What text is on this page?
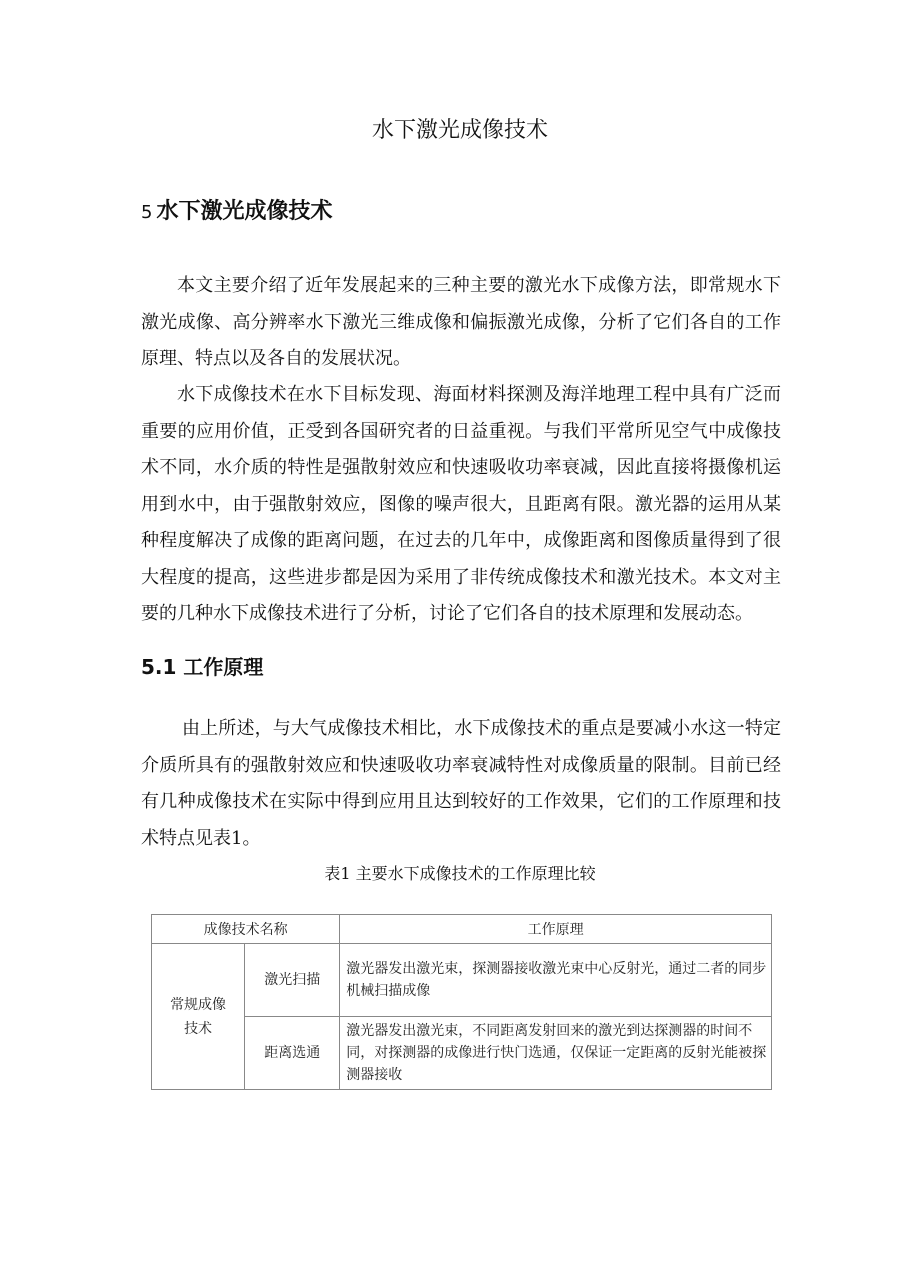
水下激光成像技术
5 水下激光成像技术

本文主要介绍了近年发展起来的三种主要的激光水下成像方法，即常规水下激光成像、高分辨率水下激光三维成像和偏振激光成像，分析了它们各自的工作原理、特点以及各自的发展状况。

水下成像技术在水下目标发现、海面材料探测及海洋地理工程中具有广泛而重要的应用价值，正受到各国研究者的日益重视。与我们平常所见空气中成像技术不同，水介质的特性是强散射效应和快速吸收功率衰减，因此直接将摄像机运用到水中，由于强散射效应，图像的噪声很大，且距离有限。激光器的运用从某种程度解决了成像的距离问题，在过去的几年中，成像距离和图像质量得到了很大程度的提高，这些进步都是因为采用了非传统成像技术和激光技术。本文对主要的几种水下成像技术进行了分析，讨论了它们各自的技术原理和发展动态。

5.1 工作原理

由上所述，与大气成像技术相比，水下成像技术的重点是要减小水这一特定介质所具有的强散射效应和快速吸收功率衰减特性对成像质量的限制。目前已经有几种成像技术在实际中得到应用且达到较好的工作效果，它们的工作原理和技术特点见表1。

表1 主要水下成像技术的工作原理比较

成像技术名称		工作原理
常规成像技术	激光扫描	激光器发出激光束，探测器接收激光束中心反射光，通过二者的同步机械扫描成像
	距离选通	激光器发出激光束，不同距离发射回来的激光到达探测器的时间不同，对探测器的成像进行快门选通，仅保证一定距离的反射光能被探测器接收
